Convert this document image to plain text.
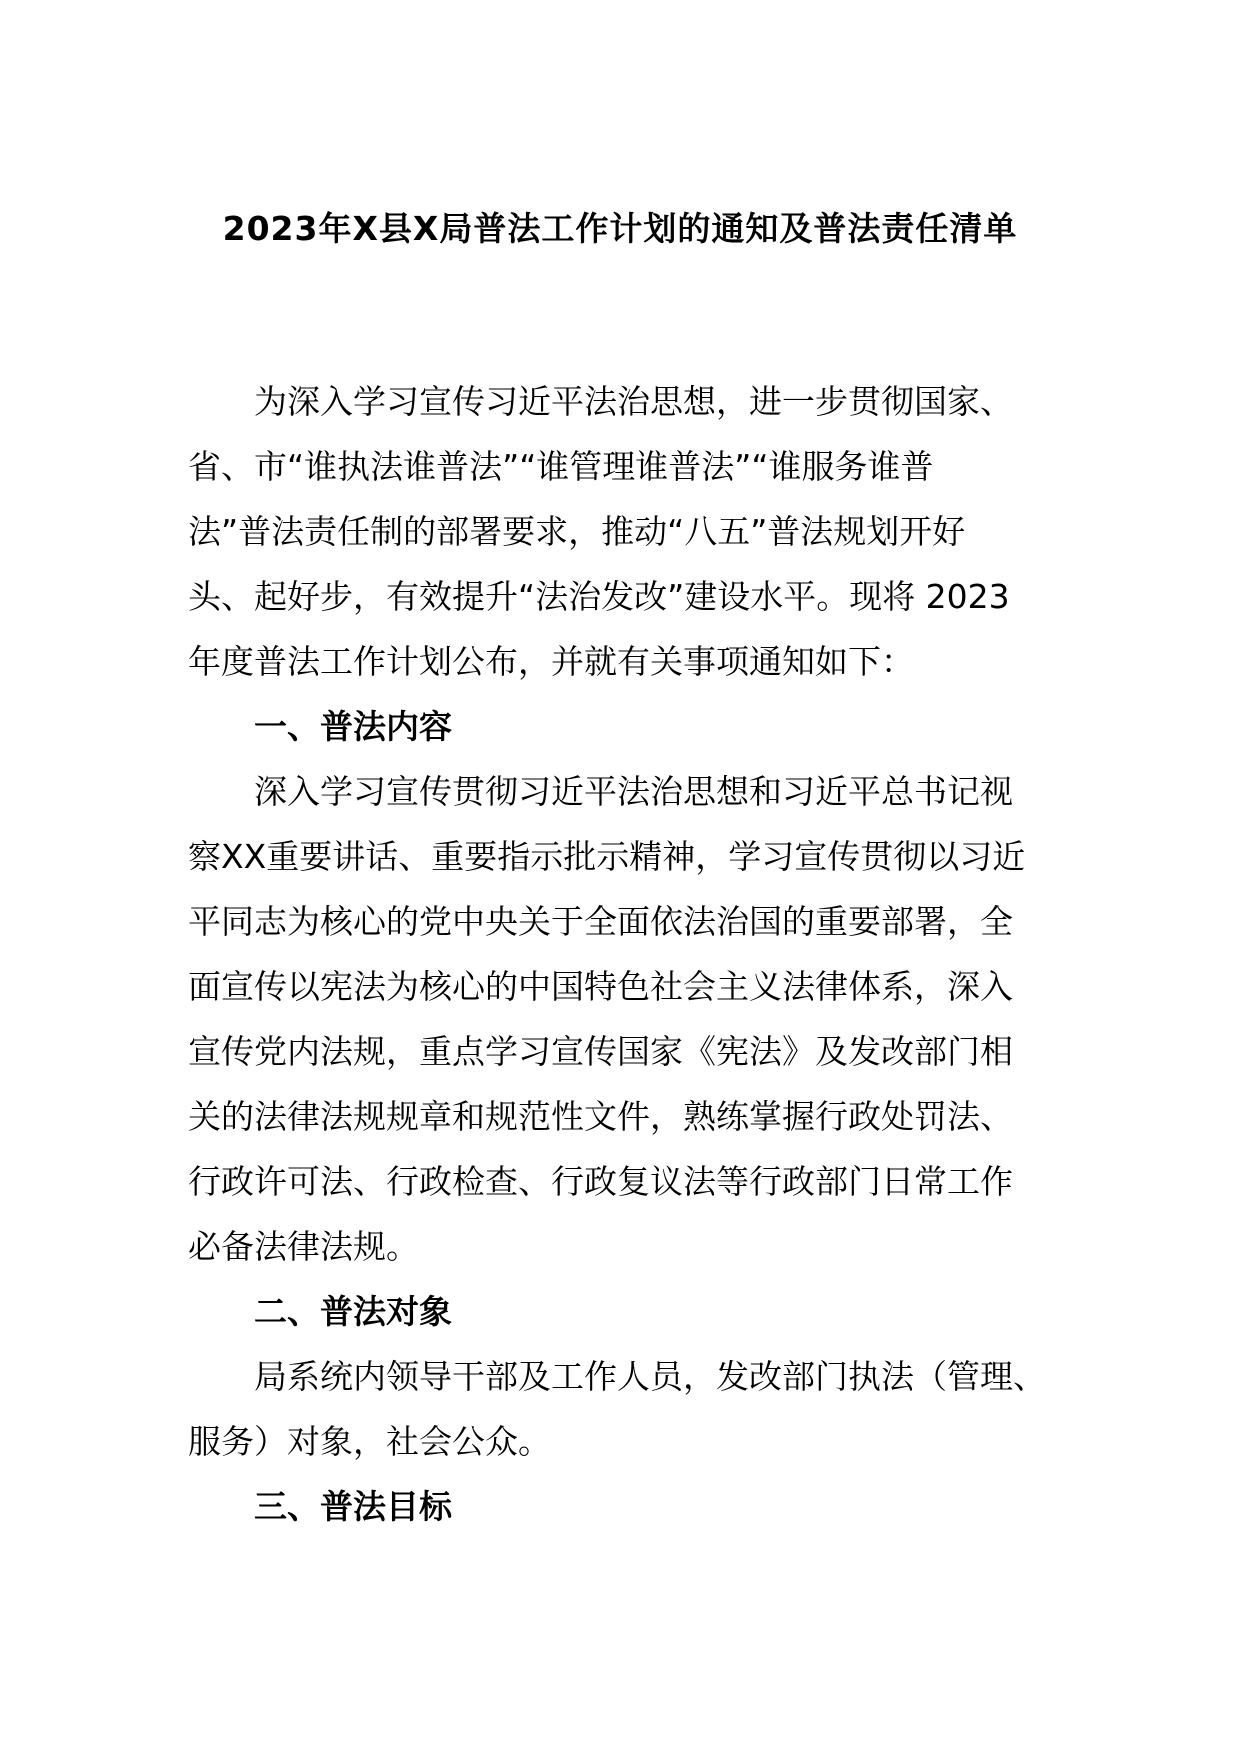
2023年X县X局普法工作计划的通知及普法责任清单
为深入学习宣传习近平法治思想，进一步贯彻国家、
省、市“谁执法谁普法”“谁管理谁普法”“谁服务谁普
法”普法责任制的部署要求，推动“八五”普法规划开好
头、起好步，有效提升“法治发改”建设水平。现将 2023
年度普法工作计划公布，并就有关事项通知如下：
一、普法内容
深入学习宣传贯彻习近平法治思想和习近平总书记视
察XX重要讲话、重要指示批示精神，学习宣传贯彻以习近
平同志为核心的党中央关于全面依法治国的重要部署，全
面宣传以宪法为核心的中国特色社会主义法律体系，深入
宣传党内法规，重点学习宣传国家《宪法》及发改部门相
关的法律法规规章和规范性文件，熟练掌握行政处罚法、
行政许可法、行政检查、行政复议法等行政部门日常工作
必备法律法规。
二、普法对象
局系统内领导干部及工作人员，发改部门执法（管理、
服务）对象，社会公众。
三、普法目标
